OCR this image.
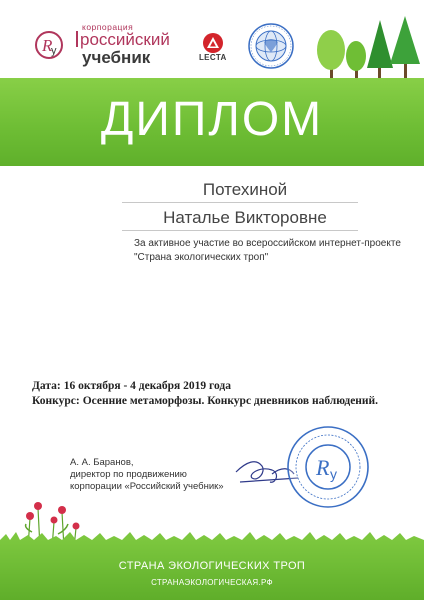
R
y
корпорация
российский
учебник	LECTA
ДИПЛОМ
Потехиной
Наталье Викторовне
За активное участие во всероссийском интернет-проекте
"Страна экологических троп"
Дата: 16 октября - 4 декабря 2019 года
Конкурс: Осенние метаморфозы. Конкурс дневников наблюдений.
А. А. Баранов,
директор по продвижению
корпорации «Российский учебник»
R y
СТРАНА ЭКОЛОГИЧЕСКИХ ТРОП
СТРАНАЭКОЛОГИЧЕСКАЯ.РФ
